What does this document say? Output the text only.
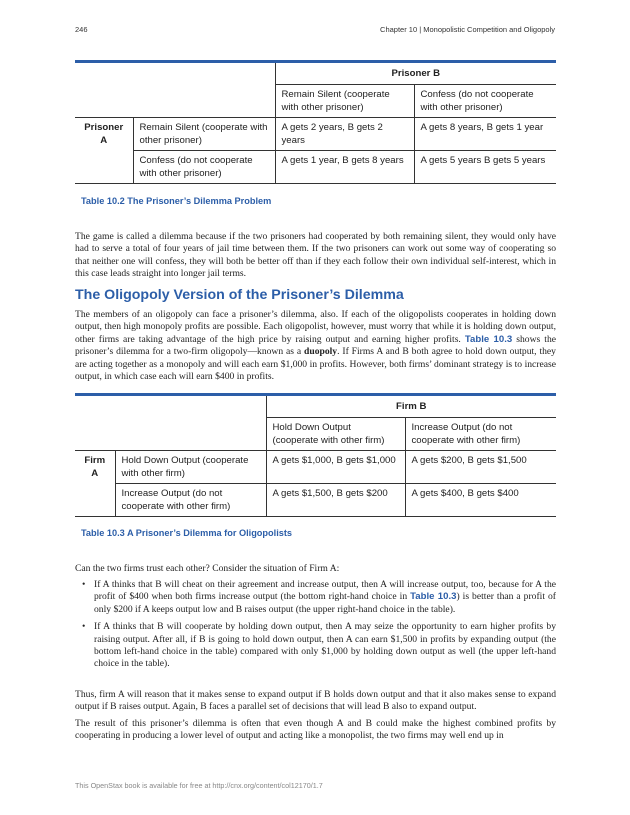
246	Chapter 10 | Monopolistic Competition and Oligopoly
		Prisoner B	
		Remain Silent (cooperate with other prisoner)	Confess (do not cooperate with other prisoner)
Prisoner A	Remain Silent (cooperate with other prisoner)	A gets 2 years, B gets 2 years	A gets 8 years, B gets 1 year
	Confess (do not cooperate with other prisoner)	A gets 1 year, B gets 8 years	A gets 5 years B gets 5 years
Table 10.2 The Prisoner’s Dilemma Problem

The game is called a dilemma because if the two prisoners had cooperated by both remaining silent, they would only have had to serve a total of four years of jail time between them. If the two prisoners can work out some way of cooperating so that neither one will confess, they will both be better off than if they each follow their own individual self-interest, which in this case leads straight into longer jail terms.

The Oligopoly Version of the Prisoner’s Dilemma

The members of an oligopoly can face a prisoner’s dilemma, also. If each of the oligopolists cooperates in holding down output, then high monopoly profits are possible. Each oligopolist, however, must worry that while it is holding down output, other firms are taking advantage of the high price by raising output and earning higher profits. Table 10.3 shows the prisoner’s dilemma for a two-firm oligopoly—known as a duopoly. If Firms A and B both agree to hold down output, they are acting together as a monopoly and will each earn $1,000 in profits. However, both firms’ dominant strategy is to increase output, in which case each will earn $400 in profits.

		Firm B	
		Hold Down Output (cooperate with other firm)	Increase Output (do not cooperate with other firm)
Firm A	Hold Down Output (cooperate with other firm)	A gets $1,000, B gets $1,000	A gets $200, B gets $1,500
	Increase Output (do not cooperate with other firm)	A gets $1,500, B gets $200	A gets $400, B gets $400
Table 10.3 A Prisoner’s Dilemma for Oligopolists

Can the two firms trust each other? Consider the situation of Firm A:

• If A thinks that B will cheat on their agreement and increase output, then A will increase output, too, because for A the profit of $400 when both firms increase output (the bottom right-hand choice in Table 10.3) is better than a profit of only $200 if A keeps output low and B raises output (the upper right-hand choice in the table).
• If A thinks that B will cooperate by holding down output, then A may seize the opportunity to earn higher profits by raising output. After all, if B is going to hold down output, then A can earn $1,500 in profits by expanding output (the bottom left-hand choice in the table) compared with only $1,000 by holding down output as well (the upper left-hand choice in the table).

Thus, firm A will reason that it makes sense to expand output if B holds down output and that it also makes sense to expand output if B raises output. Again, B faces a parallel set of decisions that will lead B also to expand output.

The result of this prisoner’s dilemma is often that even though A and B could make the highest combined profits by cooperating in producing a lower level of output and acting like a monopolist, the two firms may well end up in

This OpenStax book is available for free at http://cnx.org/content/col12170/1.7
